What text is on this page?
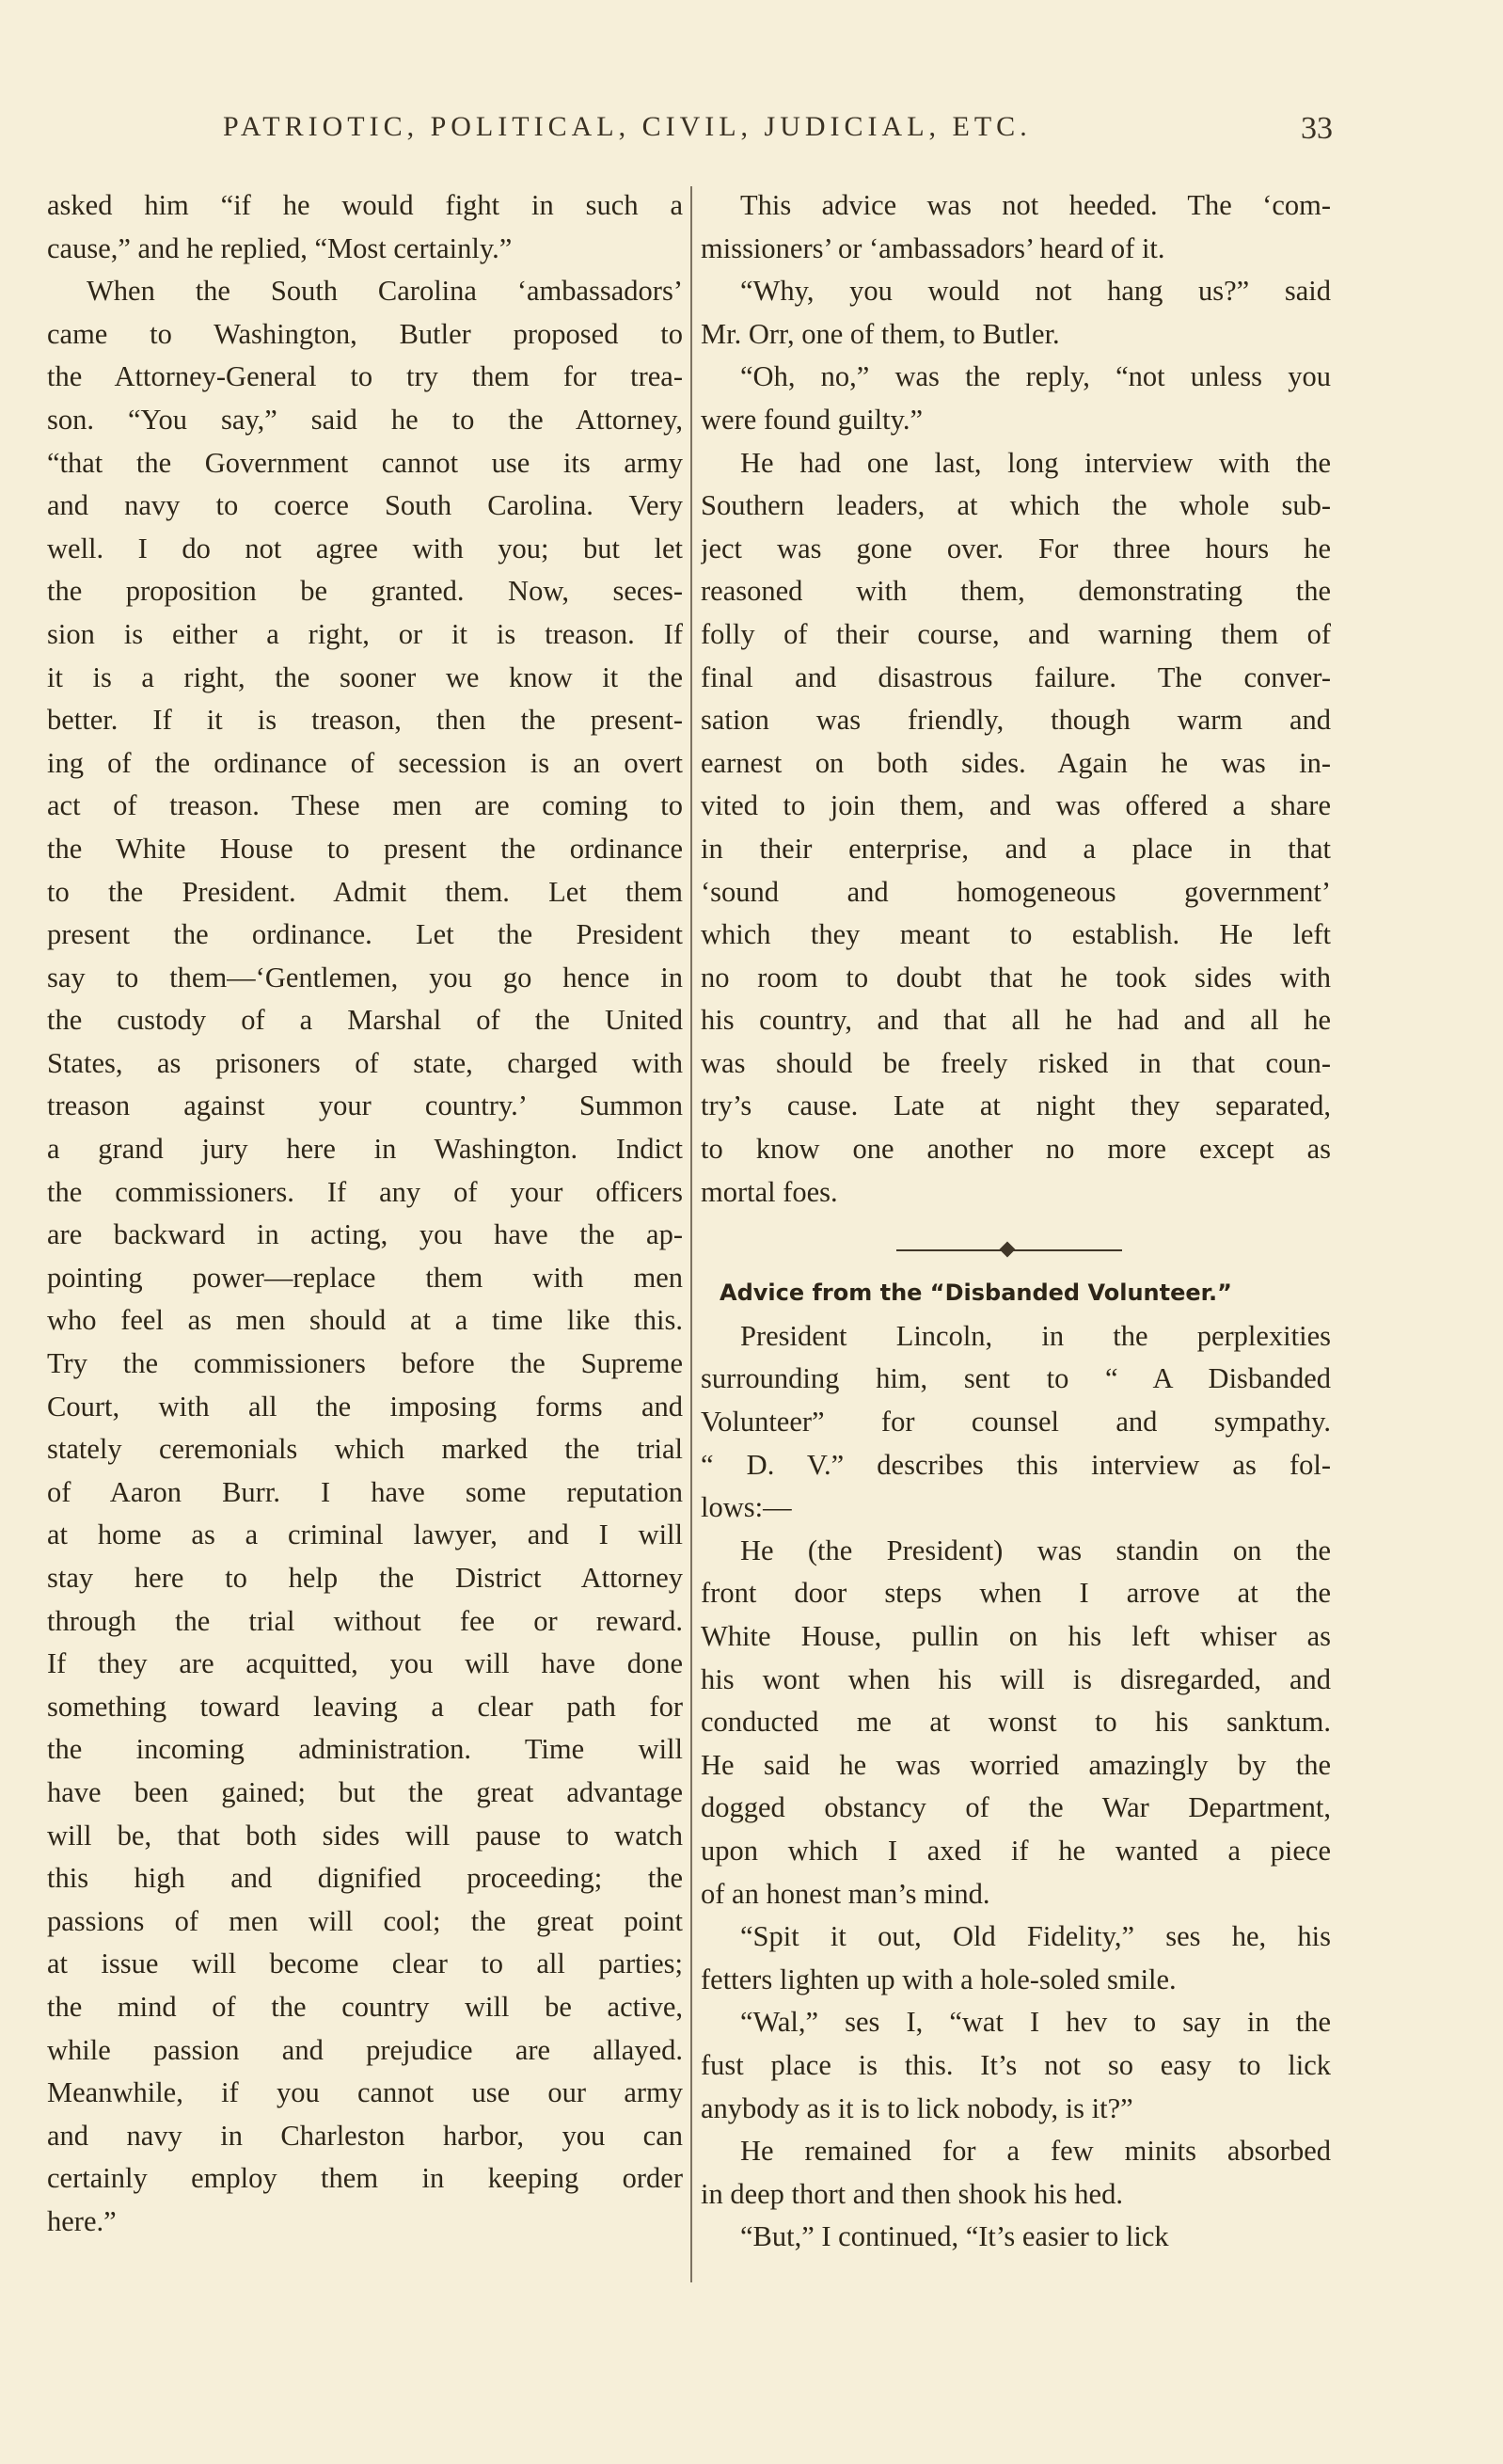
PATRIOTIC, POLITICAL, CIVIL, JUDICIAL, ETC.	33
asked him “if he would fight in such a
cause,” and he replied, “Most certainly.”
When the South Carolina ‘ambassadors’
came to Washington, Butler proposed to
the Attorney-General to try them for trea-
son. “You say,” said he to the Attorney,
“that the Government cannot use its army
and navy to coerce South Carolina. Very
well. I do not agree with you; but let
the proposition be granted. Now, seces-
sion is either a right, or it is treason. If
it is a right, the sooner we know it the
better. If it is treason, then the present-
ing of the ordinance of secession is an overt
act of treason. These men are coming to
the White House to present the ordinance
to the President. Admit them. Let them
present the ordinance. Let the President
say to them—‘Gentlemen, you go hence in
the custody of a Marshal of the United
States, as prisoners of state, charged with
treason against your country.’ Summon
a grand jury here in Washington. Indict
the commissioners. If any of your officers
are backward in acting, you have the ap-
pointing power—replace them with men
who feel as men should at a time like this.
Try the commissioners before the Supreme
Court, with all the imposing forms and
stately ceremonials which marked the trial
of Aaron Burr. I have some reputation
at home as a criminal lawyer, and I will
stay here to help the District Attorney
through the trial without fee or reward.
If they are acquitted, you will have done
something toward leaving a clear path for
the incoming administration. Time will
have been gained; but the great advantage
will be, that both sides will pause to watch
this high and dignified proceeding; the
passions of men will cool; the great point
at issue will become clear to all parties;
the mind of the country will be active,
while passion and prejudice are allayed.
Meanwhile, if you cannot use our army
and navy in Charleston harbor, you can
certainly employ them in keeping order
here.”
This advice was not heeded. The ‘com-
missioners’ or ‘ambassadors’ heard of it.
“Why, you would not hang us?” said
Mr. Orr, one of them, to Butler.
“Oh, no,” was the reply, “not unless you
were found guilty.”
He had one last, long interview with the
Southern leaders, at which the whole sub-
ject was gone over. For three hours he
reasoned with them, demonstrating the
folly of their course, and warning them of
final and disastrous failure. The conver-
sation was friendly, though warm and
earnest on both sides. Again he was in-
vited to join them, and was offered a share
in their enterprise, and a place in that
‘sound and homogeneous government’
which they meant to establish. He left
no room to doubt that he took sides with
his country, and that all he had and all he
was should be freely risked in that coun-
try’s cause. Late at night they separated,
to know one another no more except as
mortal foes.
Advice from the “Disbanded Volunteer.”
President Lincoln, in the perplexities
surrounding him, sent to “ A Disbanded
Volunteer” for counsel and sympathy.
“ D. V.” describes this interview as fol-
lows:—
He (the President) was standin on the
front door steps when I arrove at the
White House, pullin on his left whiser as
his wont when his will is disregarded, and
conducted me at wonst to his sanktum.
He said he was worried amazingly by the
dogged obstancy of the War Department,
upon which I axed if he wanted a piece
of an honest man’s mind.
“Spit it out, Old Fidelity,” ses he, his
fetters lighten up with a hole-soled smile.
“Wal,” ses I, “wat I hev to say in the
fust place is this. It’s not so easy to lick
anybody as it is to lick nobody, is it?”
He remained for a few minits absorbed
in deep thort and then shook his hed.
“But,” I continued, “It’s easier to lick
